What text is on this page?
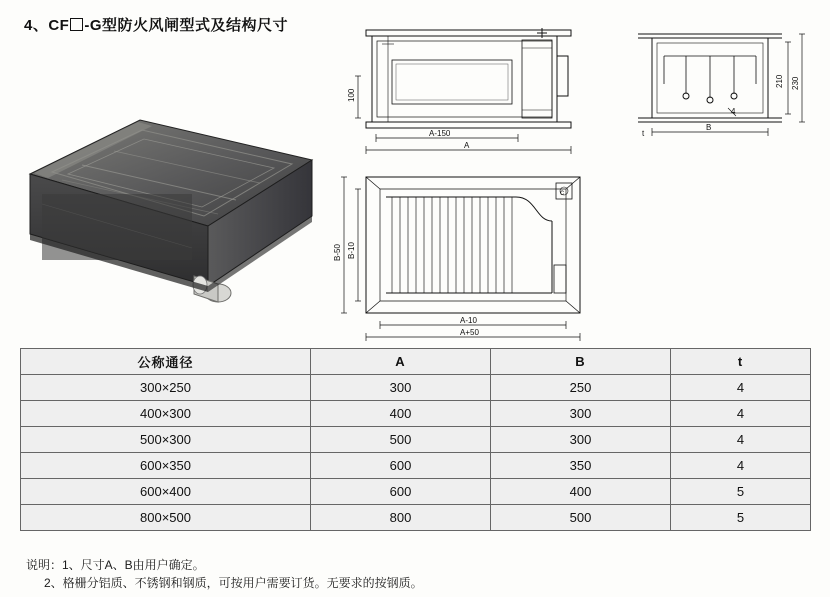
4、CF -G型防火风闸型式及结构尺寸
100
A-150
A
210 230
4
t
B
c
B-50 B-10
A-10
A+50
公称通径	A	B	t
300×250	300	250	4
400×300	400	300	4
500×300	500	300	4
600×350	600	350	4
600×400	600	400	5
800×500	800	500	5
说明：1、尺寸A、B由用户确定。
2、格栅分铝质、不锈钢和钢质，可按用户需要订货。无要求的按钢质。
